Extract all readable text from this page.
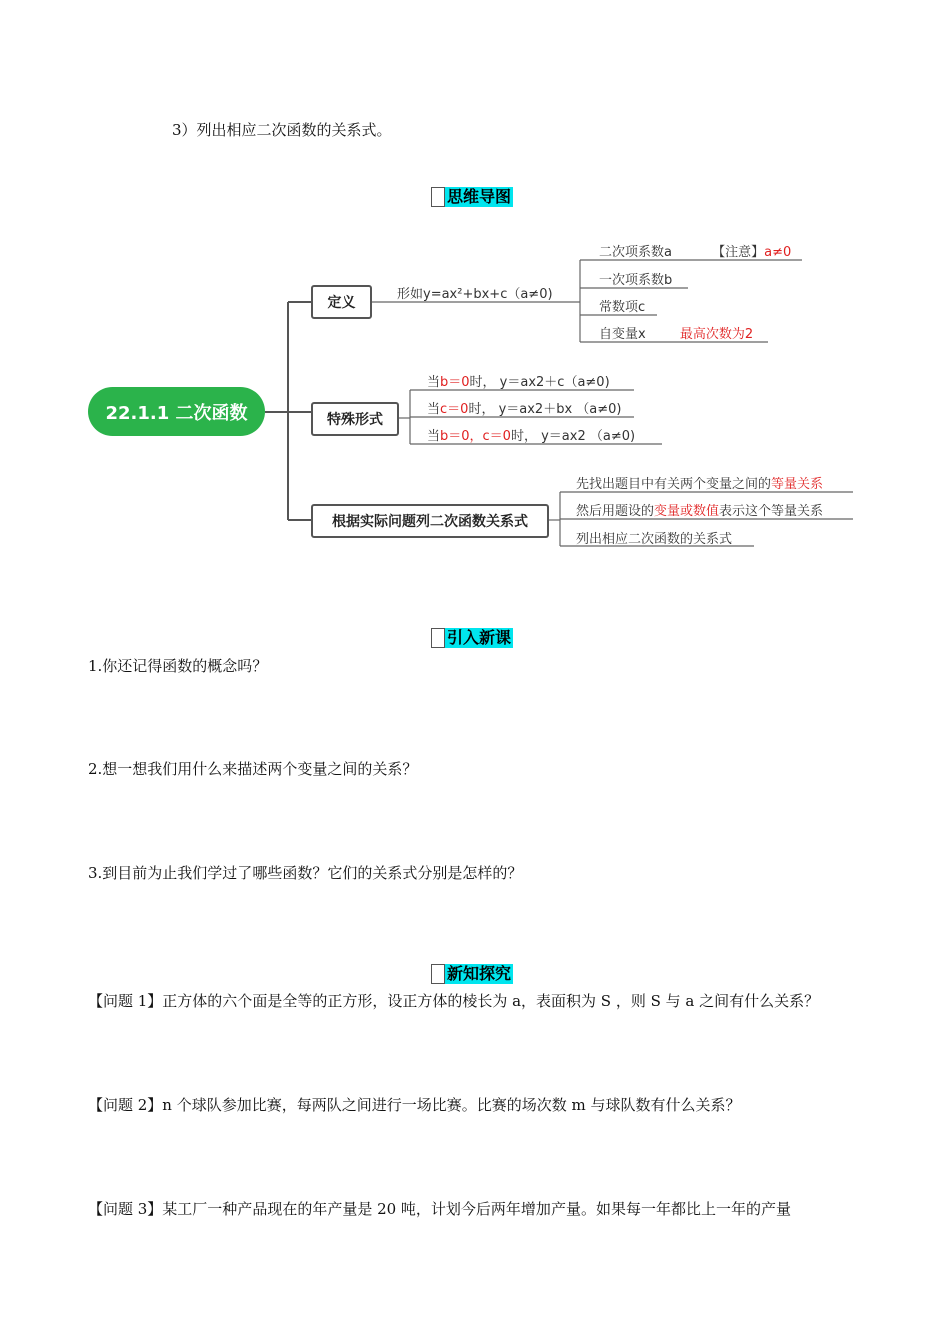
3）列出相应二次函数的关系式。
思维导图
22.1.1 二次函数
定义
特殊形式
根据实际问题列二次函数关系式
形如y=ax²+bx+c（a≠0)
二次项系数a	【注意】a≠0
一次项系数b
常数项c
自变量x	最高次数为2
当b＝0时， y＝ax2＋c（a≠0)
当c＝0时， y＝ax2＋bx （a≠0)
当b＝0，c＝0时， y＝ax2 （a≠0)
先找出题目中有关两个变量之间的等量关系
然后用题设的变量或数值表示这个等量关系
列出相应二次函数的关系式
引入新课
1.你还记得函数的概念吗？
2.想一想我们用什么来描述两个变量之间的关系？
3.到目前为止我们学过了哪些函数？它们的关系式分别是怎样的？
新知探究
【问题 1】正方体的六个面是全等的正方形，设正方体的棱长为 a，表面积为 S ，则 S 与 a 之间有什么关系？
【问题 2】n 个球队参加比赛，每两队之间进行一场比赛。比赛的场次数 m 与球队数有什么关系？
【问题 3】某工厂一种产品现在的年产量是 20 吨，计划今后两年增加产量。如果每一年都比上一年的产量
